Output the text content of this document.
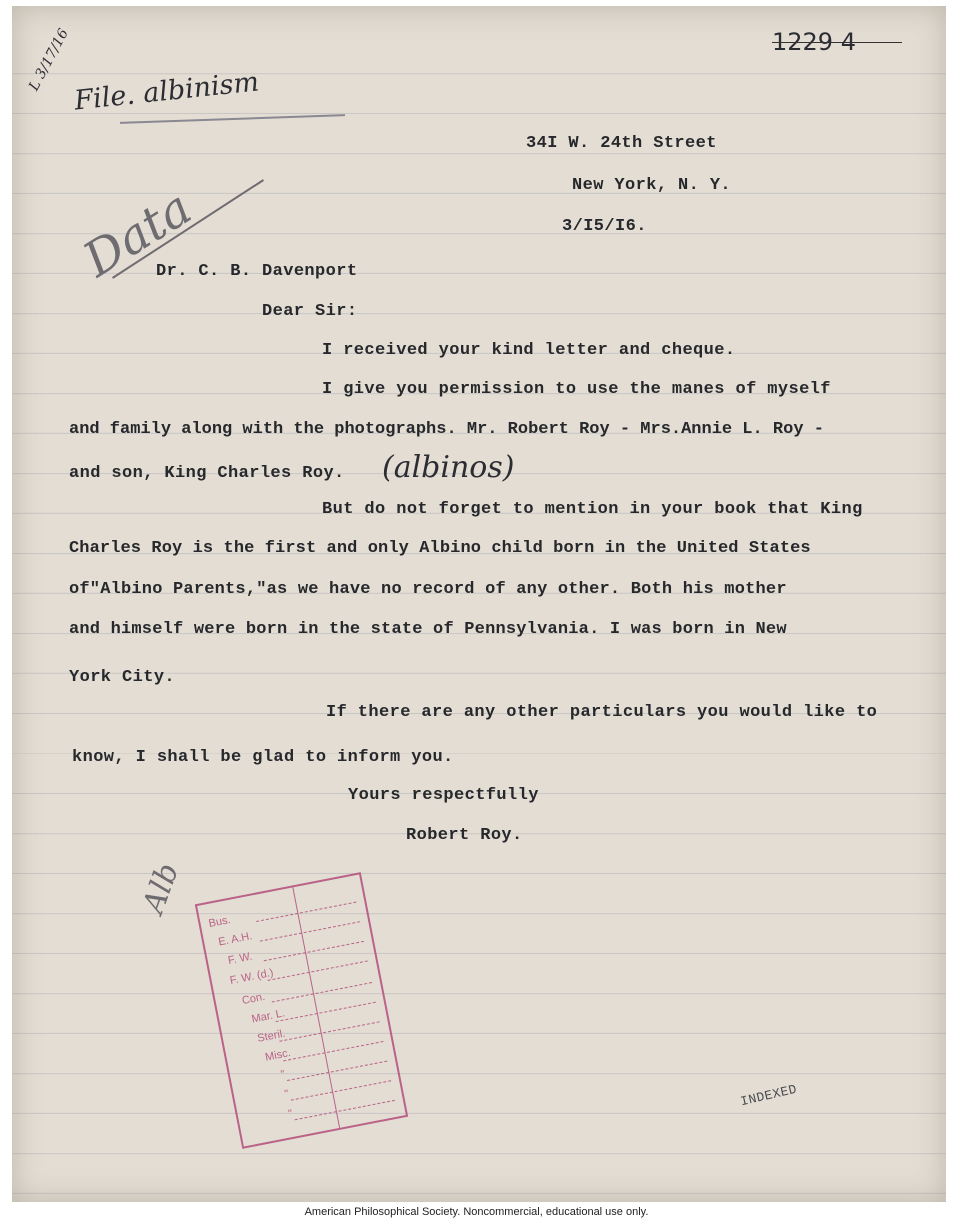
L 3/17/16 File. albinism
1229 4
Data
34I W. 24th Street
New York, N. Y.
3/I5/I6.
Dr. C. B. Davenport
Dear Sir:
I received your kind letter and cheque.
I give you permission to use the manes of myself
and family along with the photographs. Mr. Robert Roy - Mrs.Annie L. Roy -
and son, King Charles Roy. (albinos)
But do not forget to mention in your book that King
Charles Roy is the first and only Albino child born in the United States
of"Albino Parents,"as we have no record of any other. Both his mother
and himself were born in the state of Pennsylvania. I was born in New
York City.
If there are any other particulars you would like to
know, I shall be glad to inform you.
Yours respectfully
Robert Roy.
Alb
Bus.
E. A.H.
F. W.
F. W. (d.)
Con.
Mar. L.
Steril.
Misc.
"
"
"
INDEXED
American Philosophical Society. Noncommercial, educational use only.
